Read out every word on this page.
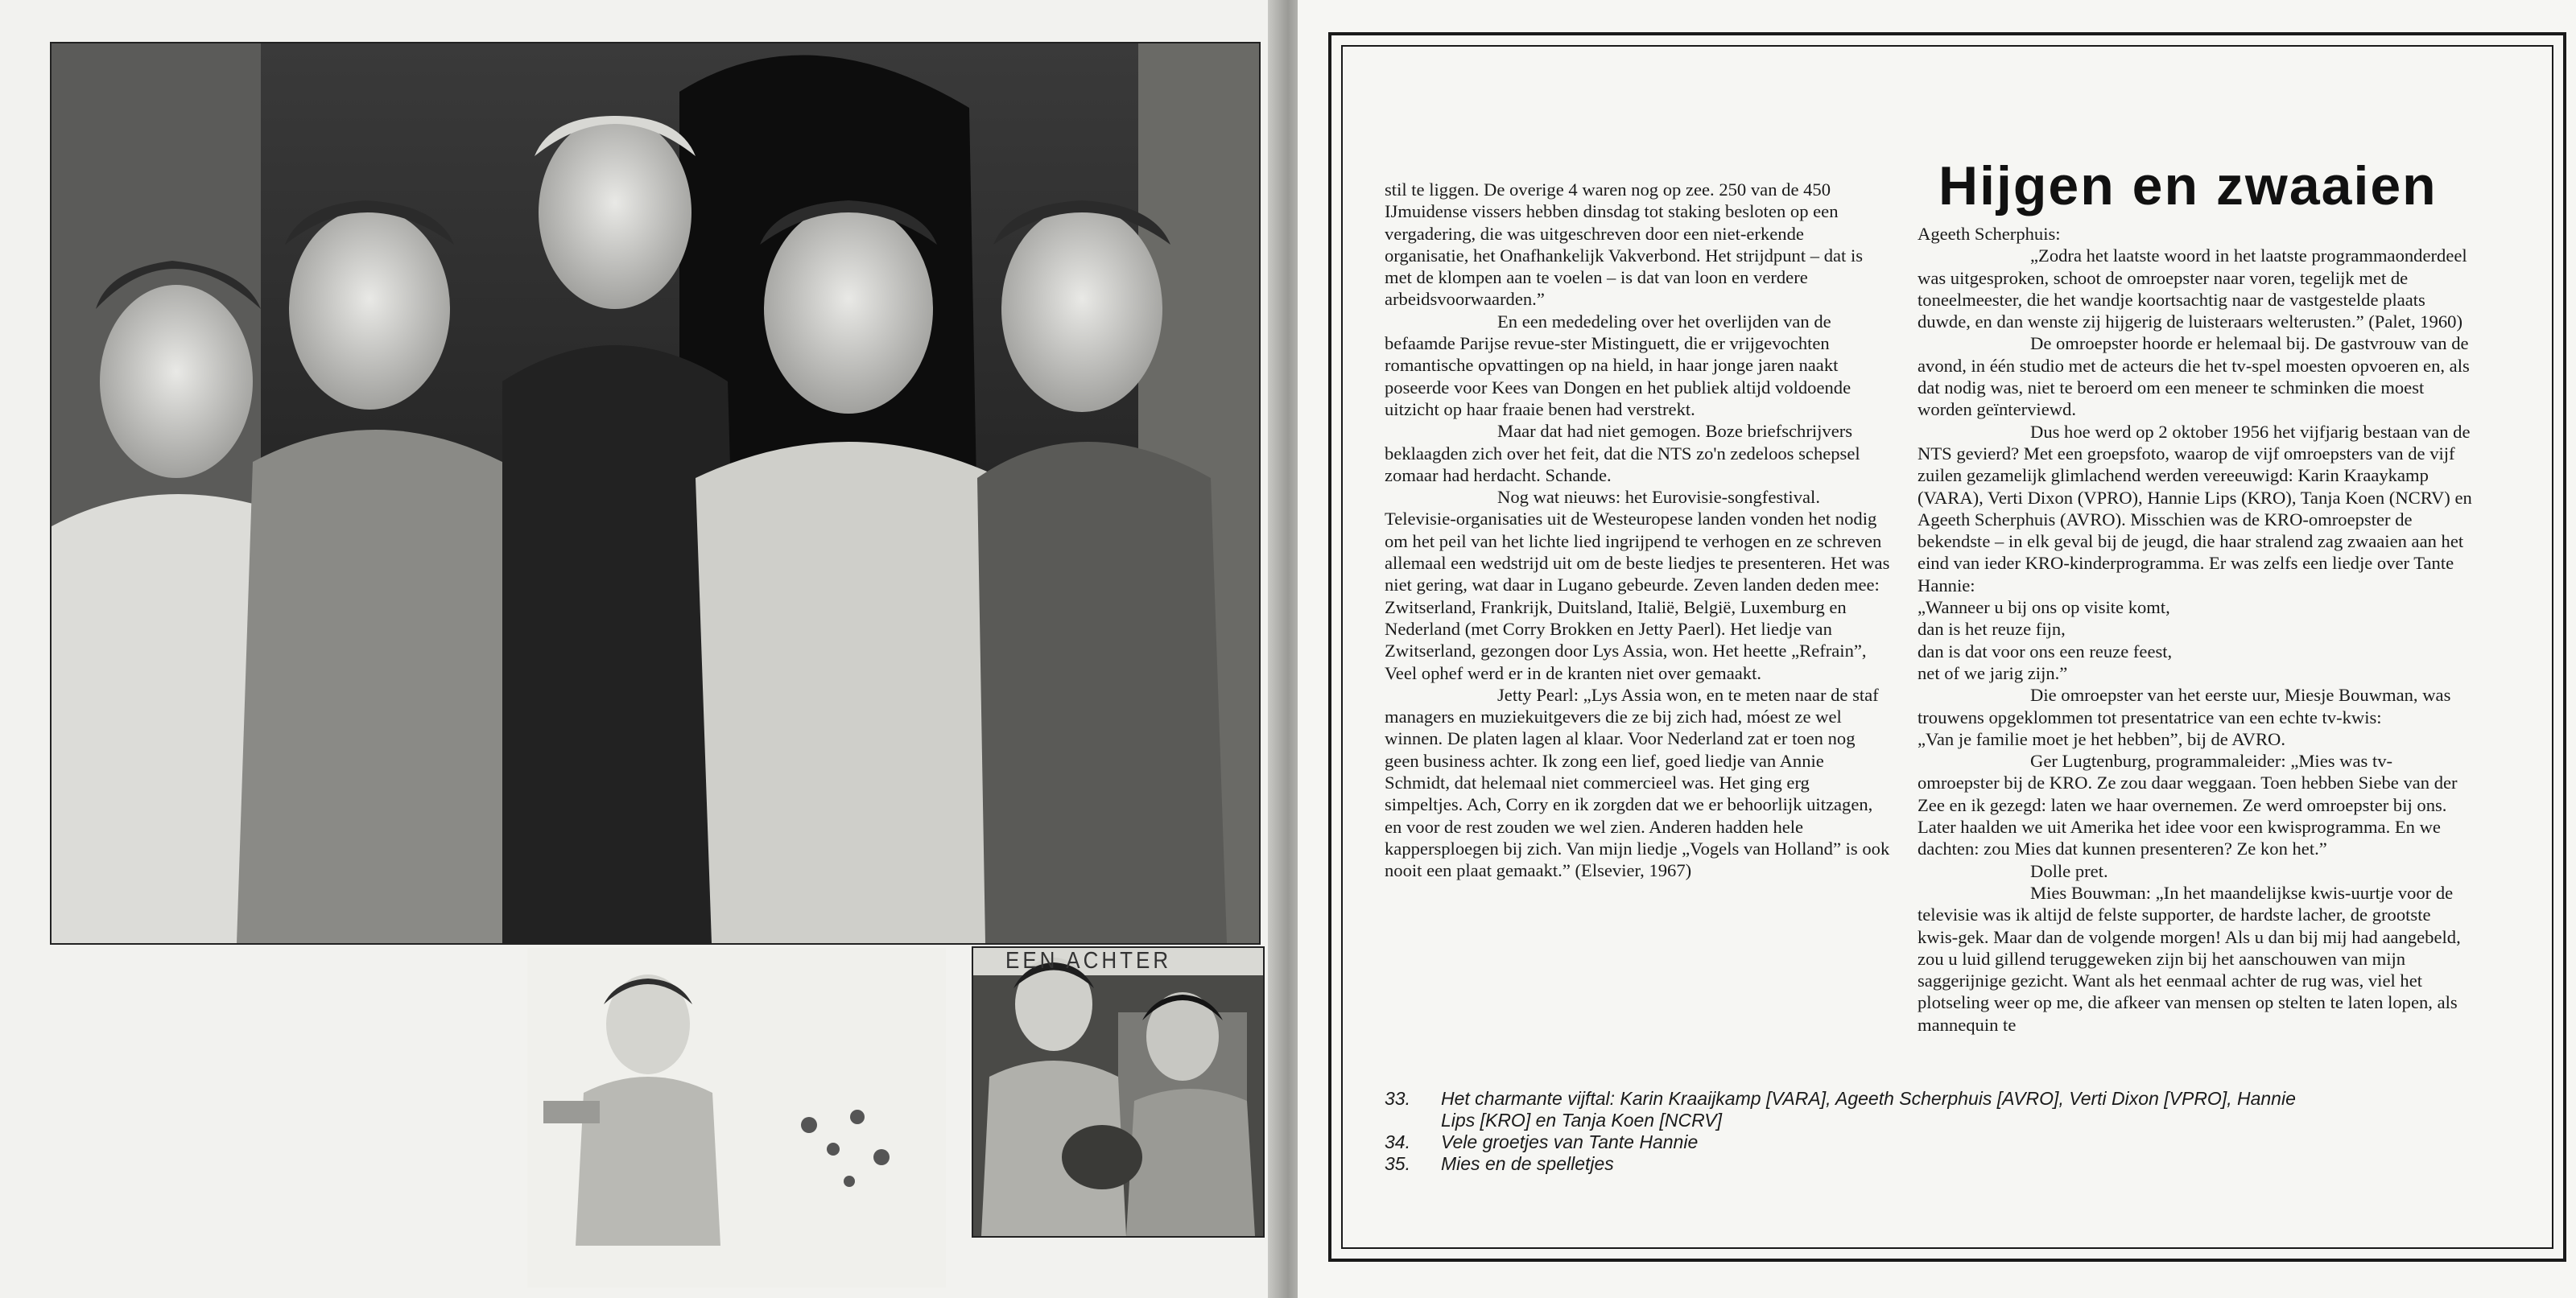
EEN ACHTER
Hijgen en zwaaien

stil te liggen. De overige 4 waren nog op zee. 250 van de 450 IJmuidense vissers hebben dinsdag tot staking besloten op een vergadering, die was uitgeschreven door een niet-erkende organisatie, het Onafhankelijk Vakverbond. Het strijdpunt – dat is met de klompen aan te voelen – is dat van loon en verdere arbeidsvoorwaarden.”

En een mededeling over het overlijden van de befaamde Parijse revue-ster Mistinguett, die er vrijgevochten romantische opvattingen op na hield, in haar jonge jaren naakt poseerde voor Kees van Dongen en het publiek altijd voldoende uitzicht op haar fraaie benen had verstrekt.

Maar dat had niet gemogen. Boze briefschrijvers beklaagden zich over het feit, dat die NTS zo'n zedeloos schepsel zomaar had herdacht. Schande.

Nog wat nieuws: het Eurovisie-songfestival. Televisie-organisaties uit de Westeuropese landen vonden het nodig om het peil van het lichte lied ingrijpend te verhogen en ze schreven allemaal een wedstrijd uit om de beste liedjes te presenteren. Het was niet gering, wat daar in Lugano gebeurde. Zeven landen deden mee: Zwitserland, Frankrijk, Duitsland, Italië, België, Luxemburg en Nederland (met Corry Brokken en Jetty Paerl). Het liedje van Zwitserland, gezongen door Lys Assia, won. Het heette „Refrain”, Veel ophef werd er in de kranten niet over gemaakt.

Jetty Pearl: „Lys Assia won, en te meten naar de staf managers en muziekuitgevers die ze bij zich had, móest ze wel winnen. De platen lagen al klaar. Voor Nederland zat er toen nog geen business achter. Ik zong een lief, goed liedje van Annie Schmidt, dat helemaal niet commercieel was. Het ging erg simpeltjes. Ach, Corry en ik zorgden dat we er behoorlijk uitzagen, en voor de rest zouden we wel zien. Anderen hadden hele kappersploegen bij zich. Van mijn liedje „Vogels van Holland” is ook nooit een plaat gemaakt.” (Elsevier, 1967)

Ageeth Scherphuis:

„Zodra het laatste woord in het laatste programmaonderdeel was uitgesproken, schoot de omroepster naar voren, tegelijk met de toneelmeester, die het wandje koortsachtig naar de vastgestelde plaats duwde, en dan wenste zij hijgerig de luisteraars welterusten.” (Palet, 1960)

De omroepster hoorde er helemaal bij. De gastvrouw van de avond, in één studio met de acteurs die het tv-spel moesten opvoeren en, als dat nodig was, niet te beroerd om een meneer te schminken die moest worden geïnterviewd.

Dus hoe werd op 2 oktober 1956 het vijfjarig bestaan van de NTS gevierd? Met een groepsfoto, waarop de vijf omroepsters van de vijf zuilen gezamelijk glimlachend werden vereeuwigd: Karin Kraaykamp (VARA), Verti Dixon (VPRO), Hannie Lips (KRO), Tanja Koen (NCRV) en Ageeth Scherphuis (AVRO). Misschien was de KRO-omroepster de bekendste – in elk geval bij de jeugd, die haar stralend zag zwaaien aan het eind van ieder KRO-kinderprogramma. Er was zelfs een liedje over Tante Hannie:

„Wanneer u bij ons op visite komt,

dan is het reuze fijn,

dan is dat voor ons een reuze feest,

net of we jarig zijn.”

Die omroepster van het eerste uur, Miesje Bouwman, was trouwens opgeklommen tot presentatrice van een echte tv-kwis:

„Van je familie moet je het hebben”, bij de AVRO.

Ger Lugtenburg, programmaleider: „Mies was tv-omroepster bij de KRO. Ze zou daar weggaan. Toen hebben Siebe van der Zee en ik gezegd: laten we haar overnemen. Ze werd omroepster bij ons. Later haalden we uit Amerika het idee voor een kwisprogramma. En we dachten: zou Mies dat kunnen presenteren? Ze kon het.”

Dolle pret.

Mies Bouwman: „In het maandelijkse kwis-uurtje voor de televisie was ik altijd de felste supporter, de hardste lacher, de grootste kwis-gek. Maar dan de volgende morgen! Als u dan bij mij had aangebeld, zou u luid gillend teruggeweken zijn bij het aanschouwen van mijn saggerijnige gezicht. Want als het eenmaal achter de rug was, viel het plotseling weer op me, die afkeer van mensen op stelten te laten lopen, als mannequin te

33. Het charmante vijftal: Karin Kraaijkamp [VARA], Ageeth Scherphuis [AVRO], Verti Dixon [VPRO], Hannie Lips [KRO] en Tanja Koen [NCRV]
34. Vele groetjes van Tante Hannie
35. Mies en de spelletjes
